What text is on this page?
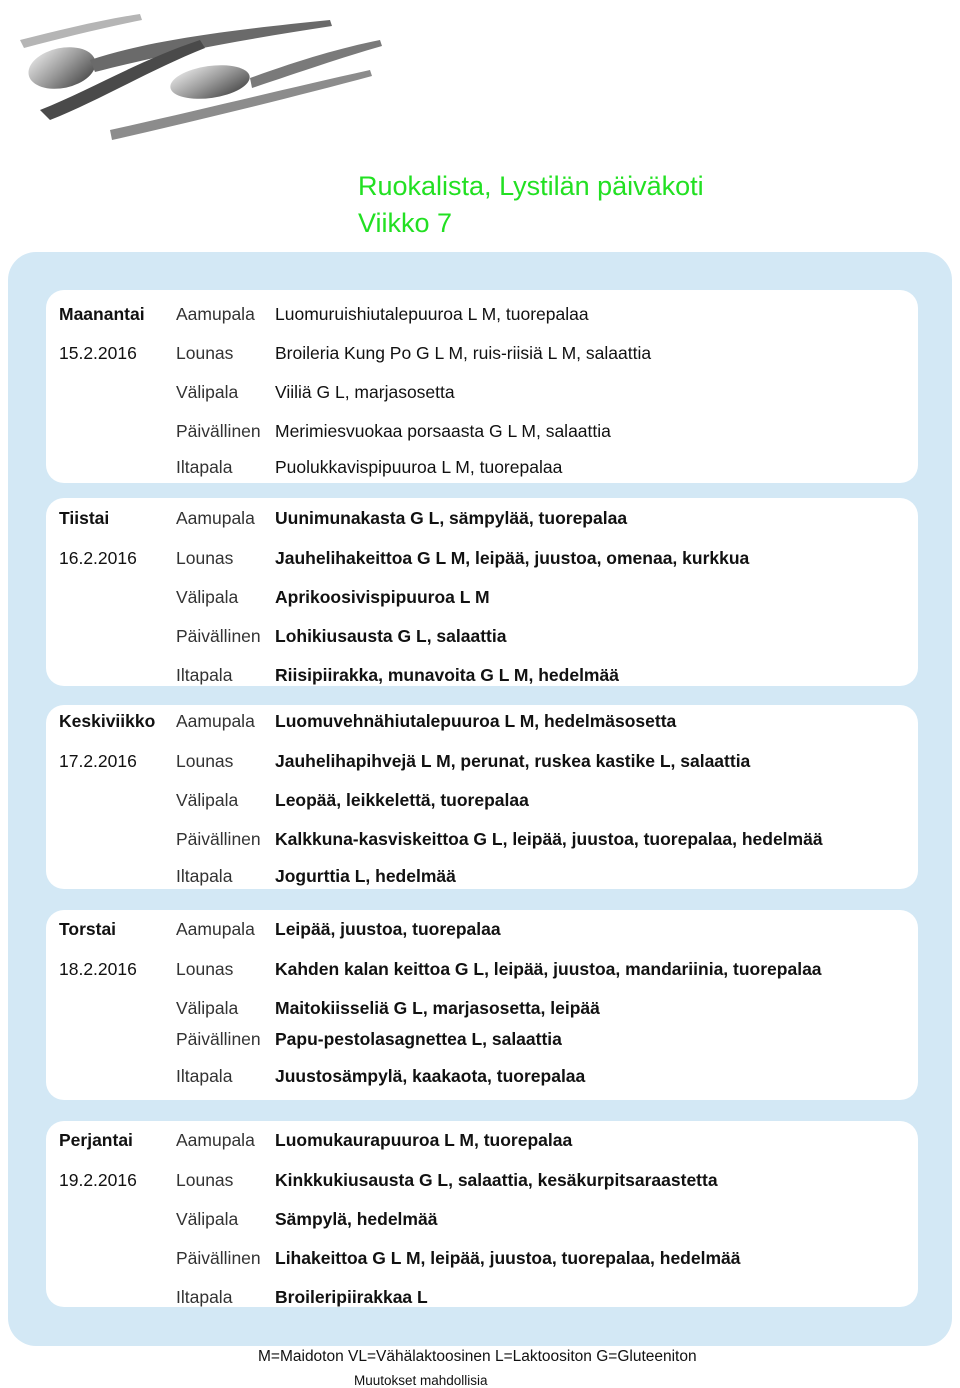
Ruokalista, Lystilän päiväkoti
Viikko 7
Maanantai
15.2.2016
Aamupala Luomuruishiutalepuuroa L M, tuorepalaa
Lounas Broileria Kung Po G L M, ruis-riisiä L M, salaattia
Välipala Viiliä G L, marjasosetta
Päivällinen Merimiesvuokaa porsaasta G L M, salaattia
Iltapala Puolukkavispipuuroa L M, tuorepalaa
Tiistai
16.2.2016
Aamupala Uunimunakasta G L, sämpylää, tuorepalaa
Lounas Jauhelihakeittoa G L M, leipää, juustoa, omenaa, kurkkua
Välipala Aprikoosivispipuuroa L M
Päivällinen Lohikiusausta G L, salaattia
Iltapala Riisipiirakka, munavoita G L M, hedelmää
Keskiviikko
17.2.2016
Aamupala Luomuvehnähiutalepuuroa L M, hedelmäsosetta
Lounas Jauhelihapihvejä L M, perunat, ruskea kastike L, salaattia
Välipala Leopää, leikkelettä, tuorepalaa
Päivällinen Kalkkuna-kasviskeittoa G L, leipää, juustoa, tuorepalaa, hedelmää
Iltapala Jogurttia L, hedelmää
Torstai
18.2.2016
Aamupala Leipää, juustoa, tuorepalaa
Lounas Kahden kalan keittoa G L, leipää, juustoa, mandariinia, tuorepalaa
Välipala Maitokiisseliä G L, marjasosetta, leipää
Päivällinen Papu-pestolasagnettea L, salaattia
Iltapala Juustosämpylä, kaakaota, tuorepalaa
Perjantai
19.2.2016
Aamupala Luomukaurapuuroa L M, tuorepalaa
Lounas Kinkkukiusausta G L, salaattia, kesäkurpitsaraastetta
Välipala Sämpylä, hedelmää
Päivällinen Lihakeittoa G L M, leipää, juustoa, tuorepalaa, hedelmää
Iltapala Broileripiirakkaa L
M=Maidoton VL=Vähälaktoosinen L=Laktoositon G=Gluteeniton
Muutokset mahdollisia
